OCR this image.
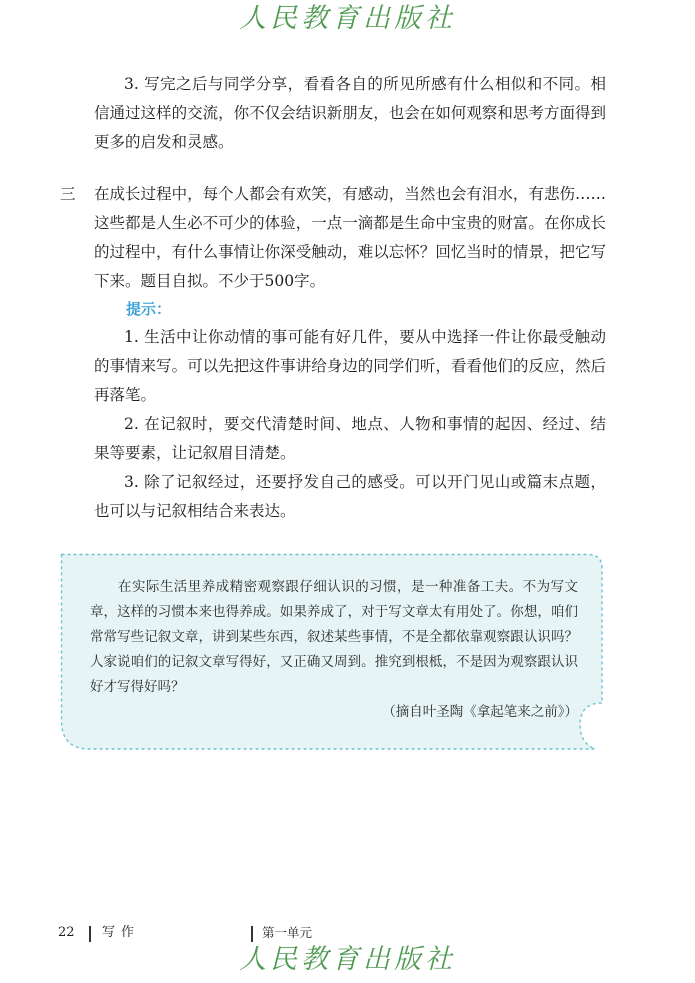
人民教育出版社

3. 写完之后与同学分享，看看各自的所见所感有什么相似和不同。相信通过这样的交流，你不仅会结识新朋友，也会在如何观察和思考方面得到更多的启发和灵感。

三 在成长过程中，每个人都会有欢笑，有感动，当然也会有泪水，有悲伤……这些都是人生必不可少的体验，一点一滴都是生命中宝贵的财富。在你成长的过程中，有什么事情让你深受触动，难以忘怀？回忆当时的情景，把它写下来。题目自拟。不少于500字。

提示：

1. 生活中让你动情的事可能有好几件，要从中选择一件让你最受触动的事情来写。可以先把这件事讲给身边的同学们听，看看他们的反应，然后再落笔。

2. 在记叙时，要交代清楚时间、地点、人物和事情的起因、经过、结果等要素，让记叙眉目清楚。

3. 除了记叙经过，还要抒发自己的感受。可以开门见山或篇末点题，也可以与记叙相结合来表达。

在实际生活里养成精密观察跟仔细认识的习惯，是一种准备工夫。不为写文章，这样的习惯本来也得养成。如果养成了，对于写文章太有用处了。你想，咱们常常写些记叙文章，讲到某些东西，叙述某些事情，不是全都依靠观察跟认识吗？人家说咱们的记叙文章写得好，又正确又周到。推究到根柢，不是因为观察跟认识好才写得好吗？

（摘自叶圣陶《拿起笔来之前》）
22 写作	第一单元
人民教育出版社
